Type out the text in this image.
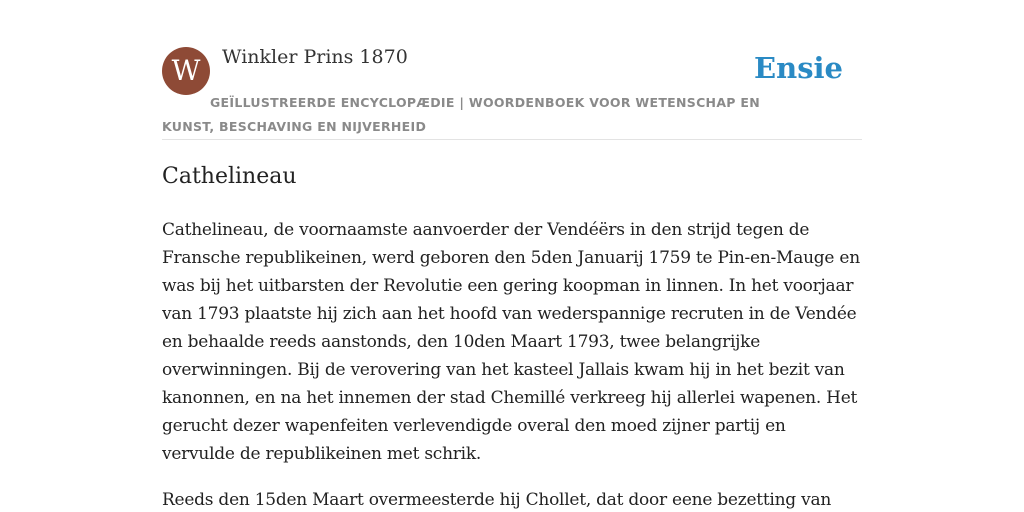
W	Winkler Prins 1870	Ensie
GEÏLLUSTREERDE ENCYCLOPÆDIE | WOORDENBOEK VOOR WETENSCHAP EN KUNST, BESCHAVING EN NIJVERHEID
Cathelineau

Cathelineau, de voornaamste aanvoerder der Vendéërs in den strijd tegen de Fransche republikeinen, werd geboren den 5den Januarij 1759 te Pin-en-Mauge en was bij het uitbarsten der Revolutie een gering koopman in linnen. In het voorjaar van 1793 plaatste hij zich aan het hoofd van wederspannige recruten in de Vendée en behaalde reeds aanstonds, den 10den Maart 1793, twee belangrijke overwinningen. Bij de verovering van het kasteel Jallais kwam hij in het bezit van kanonnen, en na het innemen der stad Chemillé verkreeg hij allerlei wapenen. Het gerucht dezer wapenfeiten verlevendigde overal den moed zijner partij en vervulde de republikeinen met schrik.

Reeds den 15den Maart overmeesterde hij Chollet, dat door eene bezetting van
